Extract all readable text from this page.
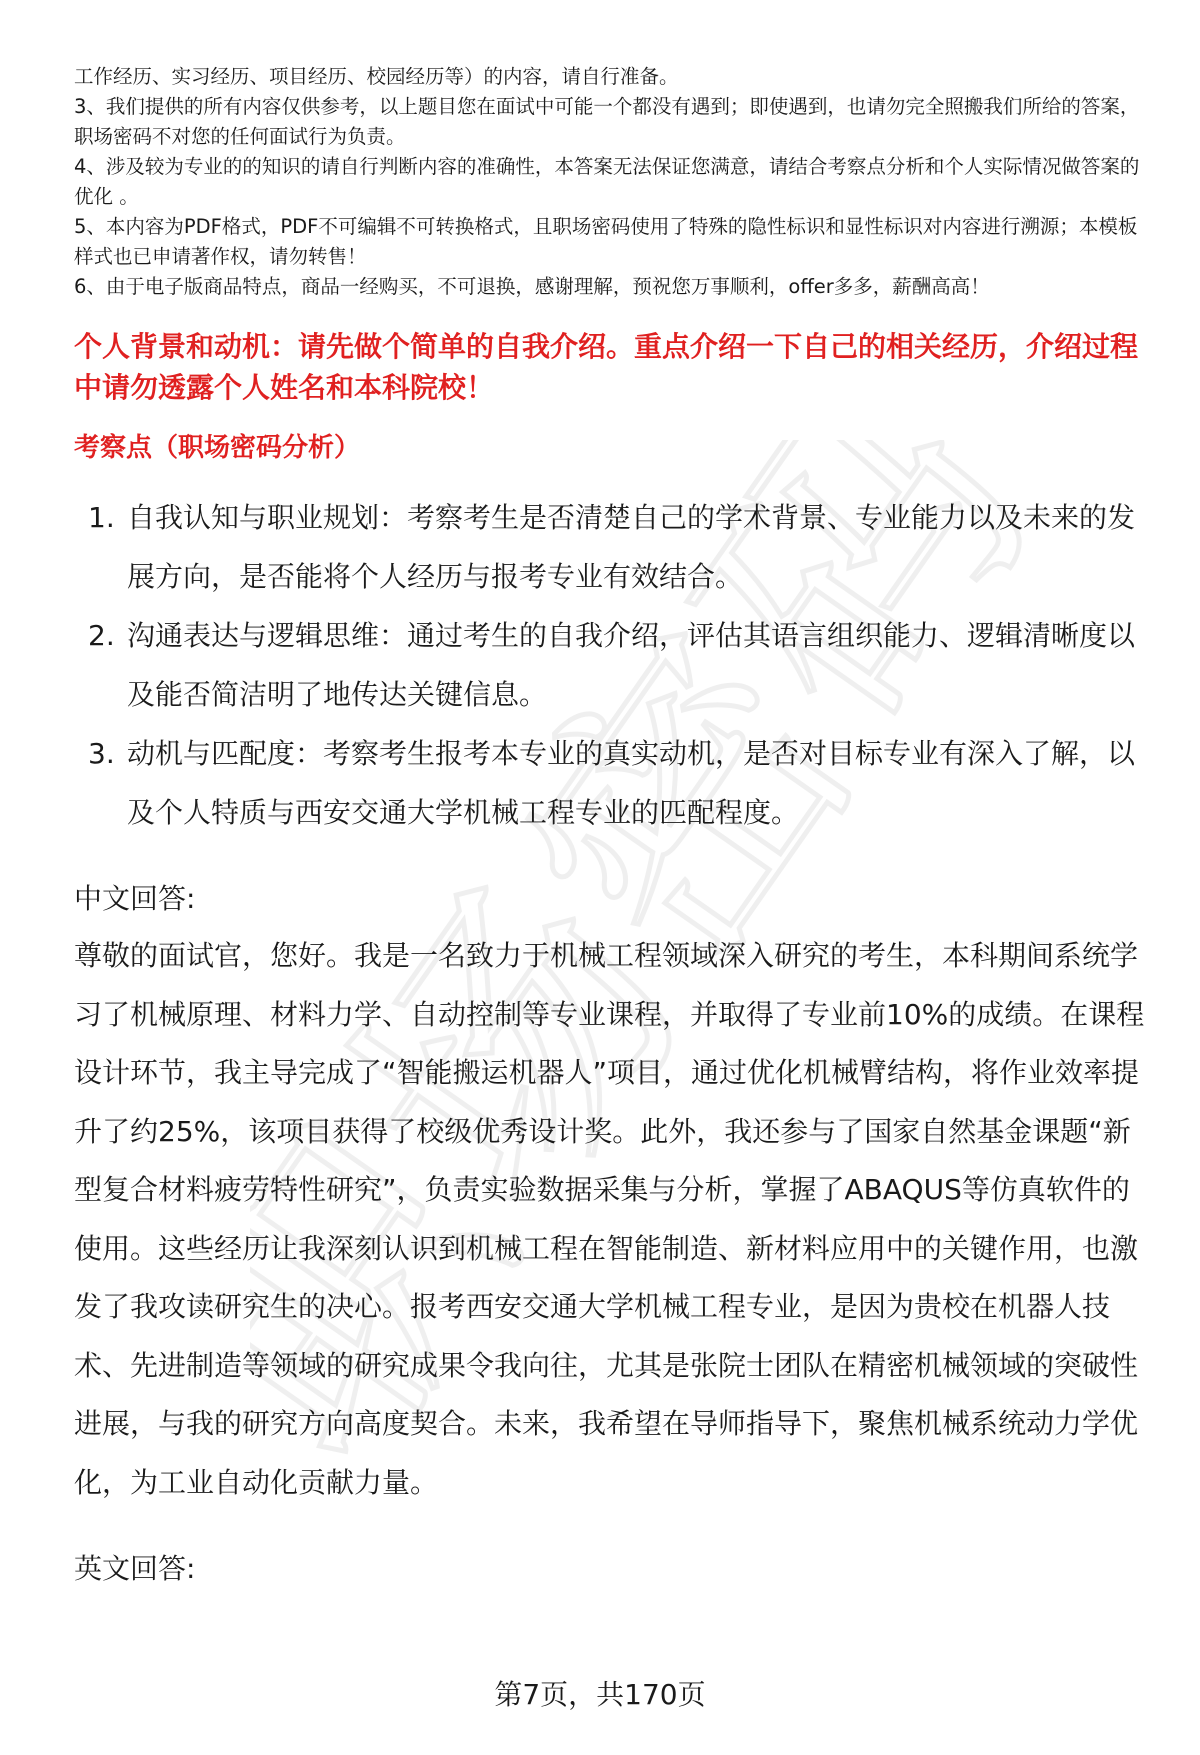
职场密码

工作经历、实习经历、项目经历、校园经历等）的内容，请自行准备。

3、我们提供的所有内容仅供参考，以上题目您在面试中可能一个都没有遇到；即使遇到，也请勿完全照搬我们所给的答案，职场密码不对您的任何面试行为负责。

4、涉及较为专业的的知识的请自行判断内容的准确性，本答案无法保证您满意，请结合考察点分析和个人实际情况做答案的优化 。

5、本内容为PDF格式，PDF不可编辑不可转换格式，且职场密码使用了特殊的隐性标识和显性标识对内容进行溯源；本模板样式也已申请著作权，请勿转售！

6、由于电子版商品特点，商品一经购买，不可退换，感谢理解，预祝您万事顺利，offer多多，薪酬高高！

个人背景和动机：请先做个简单的自我介绍。重点介绍一下自己的相关经历，介绍过程中请勿透露个人姓名和本科院校！
考察点（职场密码分析）
1. 自我认知与职业规划：考察考生是否清楚自己的学术背景、专业能力以及未来的发展方向，是否能将个人经历与报考专业有效结合。
2. 沟通表达与逻辑思维：通过考生的自我介绍，评估其语言组织能力、逻辑清晰度以及能否简洁明了地传达关键信息。
3. 动机与匹配度：考察考生报考本专业的真实动机，是否对目标专业有深入了解，以及个人特质与西安交通大学机械工程专业的匹配程度。
中文回答:

尊敬的面试官，您好。我是一名致力于机械工程领域深入研究的考生，本科期间系统学习了机械原理、材料力学、自动控制等专业课程，并取得了专业前10%的成绩。在课程设计环节，我主导完成了“智能搬运机器人”项目，通过优化机械臂结构，将作业效率提升了约25%，该项目获得了校级优秀设计奖。此外，我还参与了国家自然基金课题“新型复合材料疲劳特性研究”，负责实验数据采集与分析，掌握了ABAQUS等仿真软件的使用。这些经历让我深刻认识到机械工程在智能制造、新材料应用中的关键作用，也激发了我攻读研究生的决心。报考西安交通大学机械工程专业，是因为贵校在机器人技术、先进制造等领域的研究成果令我向往，尤其是张院士团队在精密机械领域的突破性进展，与我的研究方向高度契合。未来，我希望在导师指导下，聚焦机械系统动力学优化，为工业自动化贡献力量。

英文回答:
第7页，共170页
